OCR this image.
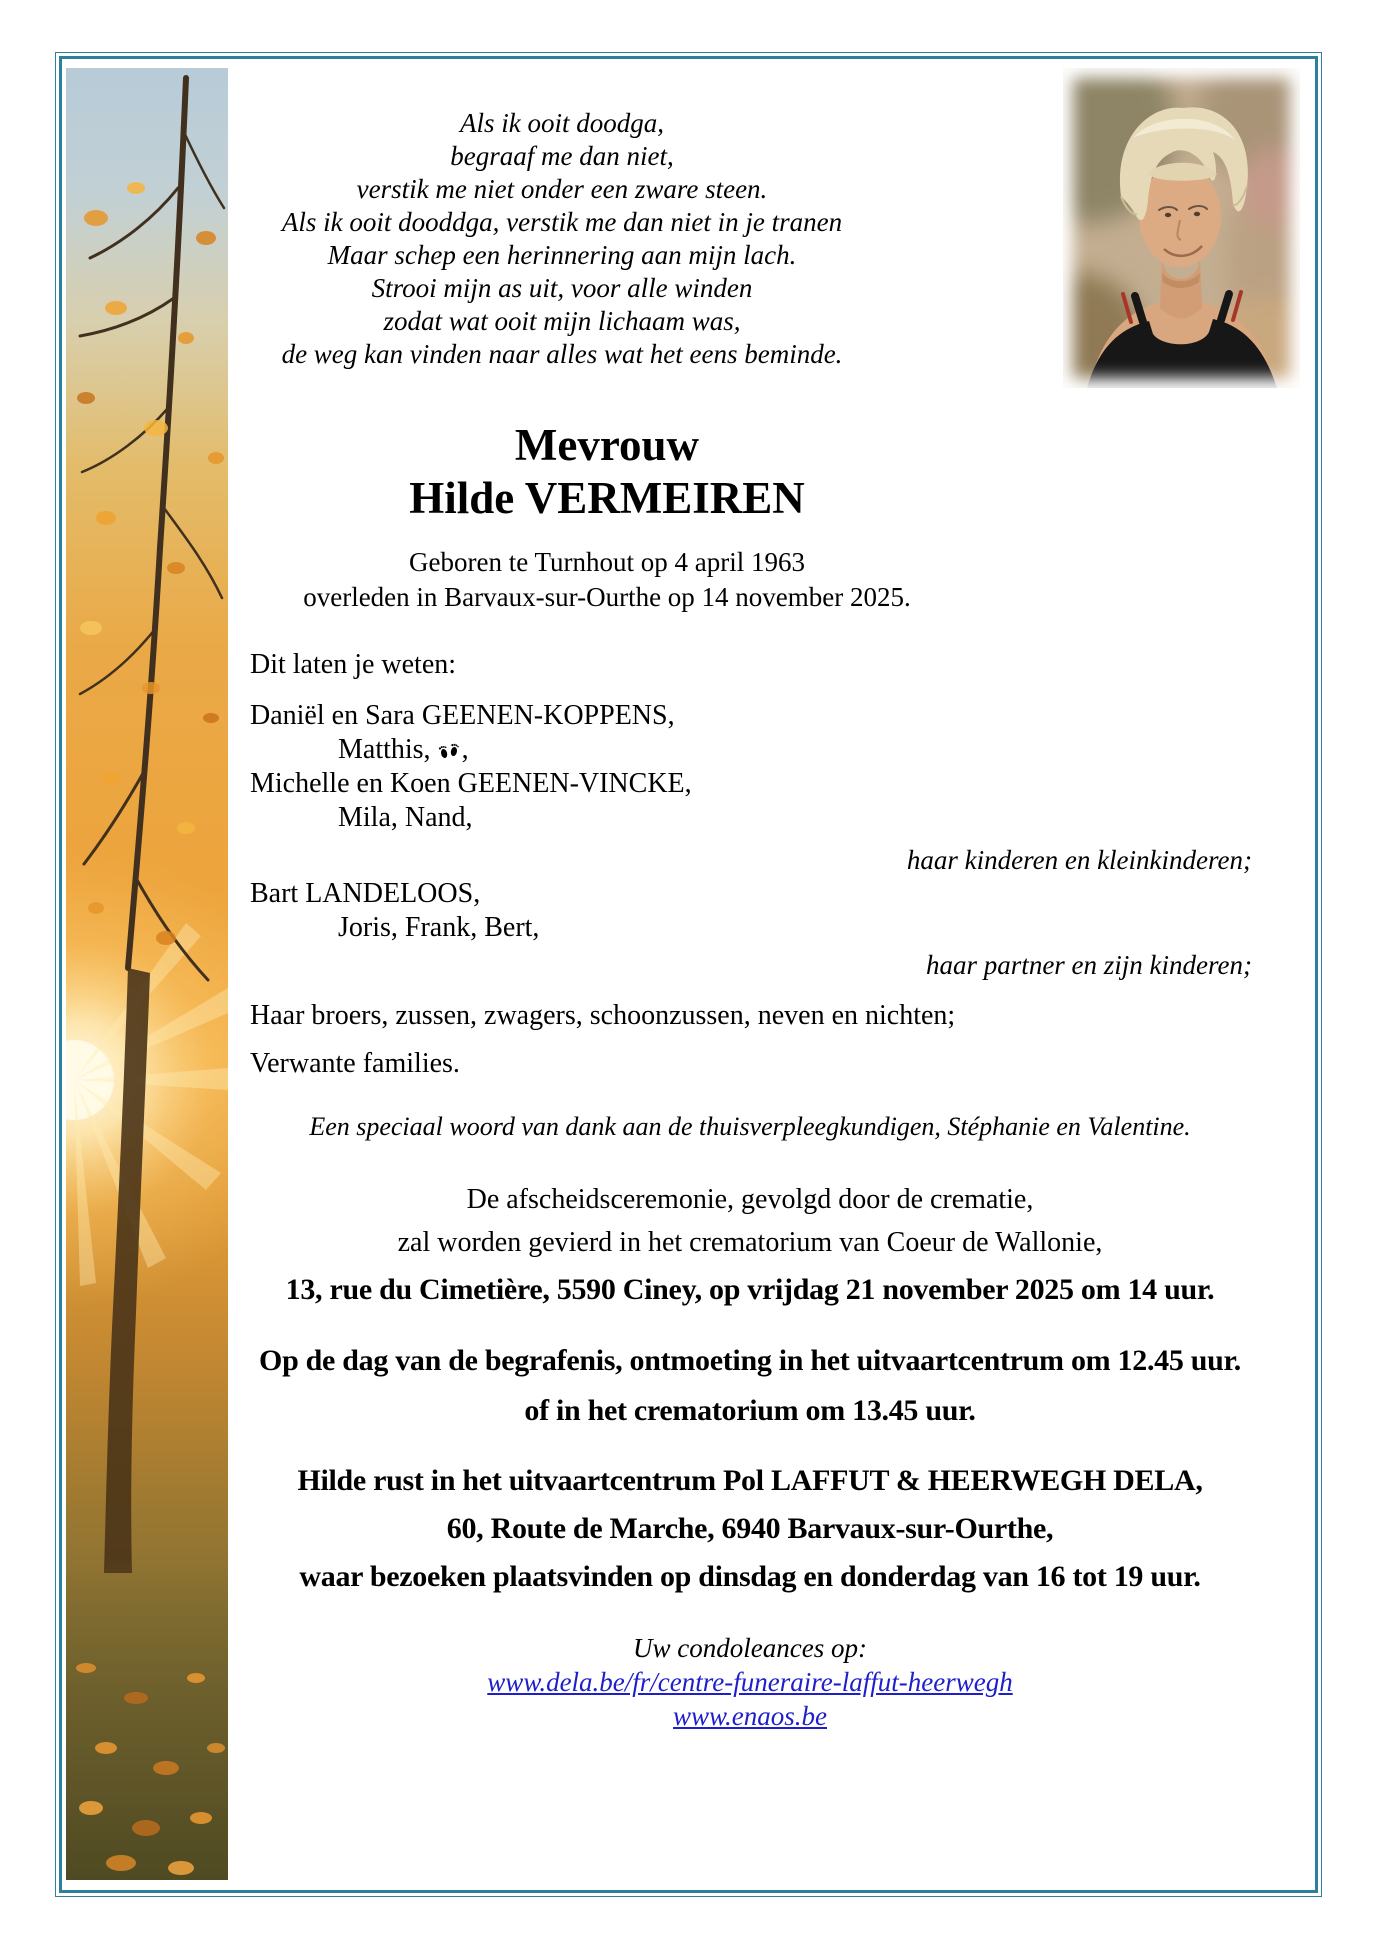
Als ik ooit doodga,
begraaf me dan niet,
verstik me niet onder een zware steen.
Als ik ooit dooddga, verstik me dan niet in je tranen
Maar schep een herinnering aan mijn lach.
Strooi mijn as uit, voor alle winden
zodat wat ooit mijn lichaam was,
de weg kan vinden naar alles wat het eens beminde.
Mevrouw
Hilde VERMEIREN
Geboren te Turnhout op 4 april 1963
overleden in Barvaux-sur-Ourthe op 14 november 2025.
Dit laten je weten:
Daniël en Sara GEENEN-KOPPENS,
Matthis, ,
Michelle en Koen GEENEN-VINCKE,
Mila, Nand,
haar kinderen en kleinkinderen;
Bart LANDELOOS,
Joris, Frank, Bert,
haar partner en zijn kinderen;
Haar broers, zussen, zwagers, schoonzussen, neven en nichten;
Verwante families.
Een speciaal woord van dank aan de thuisverpleegkundigen, Stéphanie en Valentine.
De afscheidsceremonie, gevolgd door de crematie,
zal worden gevierd in het crematorium van Coeur de Wallonie,
13, rue du Cimetière, 5590 Ciney, op vrijdag 21 november 2025 om 14 uur.
Op de dag van de begrafenis, ontmoeting in het uitvaartcentrum om 12.45 uur.
of in het crematorium om 13.45 uur.
Hilde rust in het uitvaartcentrum Pol LAFFUT & HEERWEGH DELA,
60, Route de Marche, 6940 Barvaux-sur-Ourthe,
waar bezoeken plaatsvinden op dinsdag en donderdag van 16 tot 19 uur.
Uw condoleances op:
www.dela.be/fr/centre-funeraire-laffut-heerwegh
www.enaos.be
